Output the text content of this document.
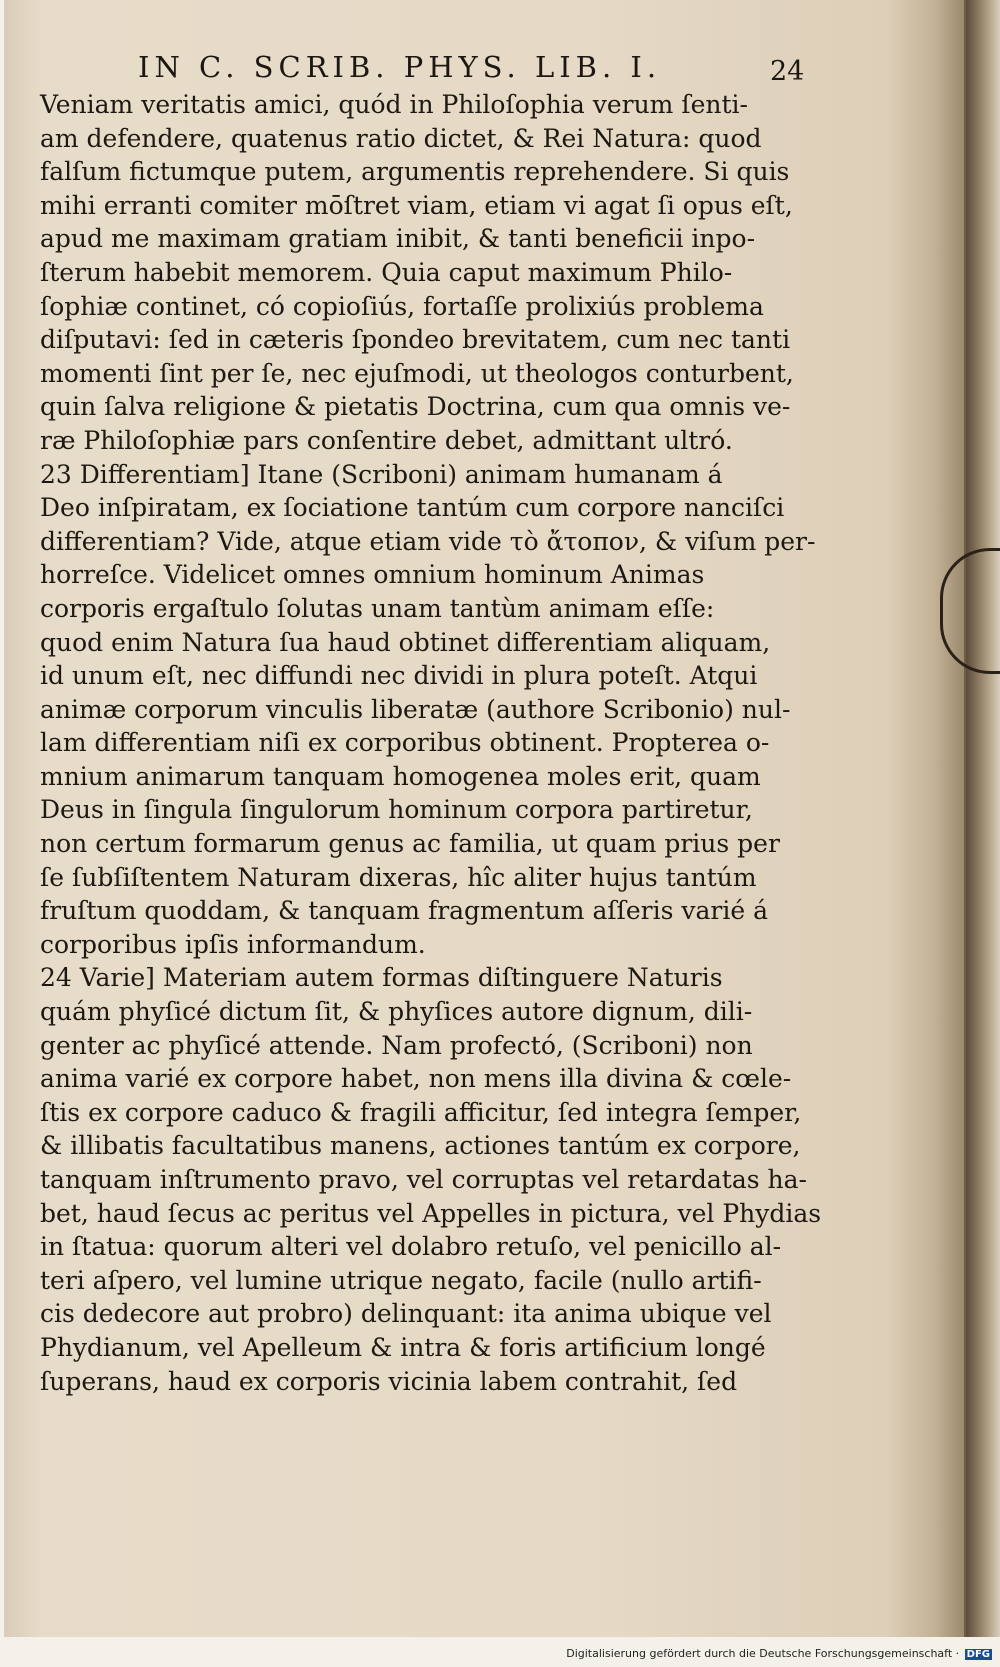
IN C. SCRIB. PHYS. LIB. I.	24
Veniam veritatis amici, quód in Philoſophia verum ſenti-
am defendere, quatenus ratio dictet, & Rei Natura: quod
falſum fictumque putem, argumentis reprehendere. Si quis
mihi erranti comiter mōſtret viam, etiam vi agat ſi opus eſt,
apud me maximam gratiam inibit, & tanti beneficii inpo-
ſterum habebit memorem. Quia caput maximum Philo-
ſophiæ continet, có copioſiús, fortaſſe prolixiús problema
diſputavi: ſed in cæteris ſpondeo brevitatem, cum nec tanti
momenti ſint per ſe, nec ejuſmodi, ut theologos conturbent,
quin ſalva religione & pietatis Doctrina, cum qua omnis ve-
ræ Philoſophiæ pars conſentire debet, admittant ultró.
23 Differentiam] Itane (Scriboni) animam humanam á
Deo inſpiratam, ex ſociatione tantúm cum corpore nanciſci
differentiam? Vide, atque etiam vide τὸ ἄτοπον, & viſum per-
horreſce. Videlicet omnes omnium hominum Animas
corporis ergaſtulo ſolutas unam tantùm animam eſſe:
quod enim Natura ſua haud obtinet differentiam aliquam,
id unum eſt, nec diffundi nec dividi in plura poteſt. Atqui
animæ corporum vinculis liberatæ (authore Scribonio) nul-
lam differentiam niſi ex corporibus obtinent. Propterea o-
mnium animarum tanquam homogenea moles erit, quam
Deus in ſingula ſingulorum hominum corpora partiretur,
non certum formarum genus ac familia, ut quam prius per
ſe ſubſiſtentem Naturam dixeras, hîc aliter hujus tantúm
fruſtum quoddam, & tanquam fragmentum aſſeris varié á
corporibus ipſis informandum.
24 Varie] Materiam autem formas diſtinguere Naturis
quám phyſicé dictum ſit, & phyſices autore dignum, dili-
genter ac phyſicé attende. Nam profectó, (Scriboni) non
anima varié ex corpore habet, non mens illa divina & cœle-
ſtis ex corpore caduco & fragili afficitur, ſed integra ſemper,
& illibatis facultatibus manens, actiones tantúm ex corpore,
tanquam inſtrumento pravo, vel corruptas vel retardatas ha-
bet, haud ſecus ac peritus vel Appelles in pictura, vel Phydias
in ſtatua: quorum alteri vel dolabro retuſo, vel penicillo al-
teri aſpero, vel lumine utrique negato, facile (nullo artifi-
cis dedecore aut probro) delinquant: ita anima ubique vel
Phydianum, vel Apelleum & intra & foris artificium longé
ſuperans, haud ex corporis vicinia labem contrahit, ſed
Digitalisierung gefördert durch die Deutsche Forschungsgemeinschaft · DFG
